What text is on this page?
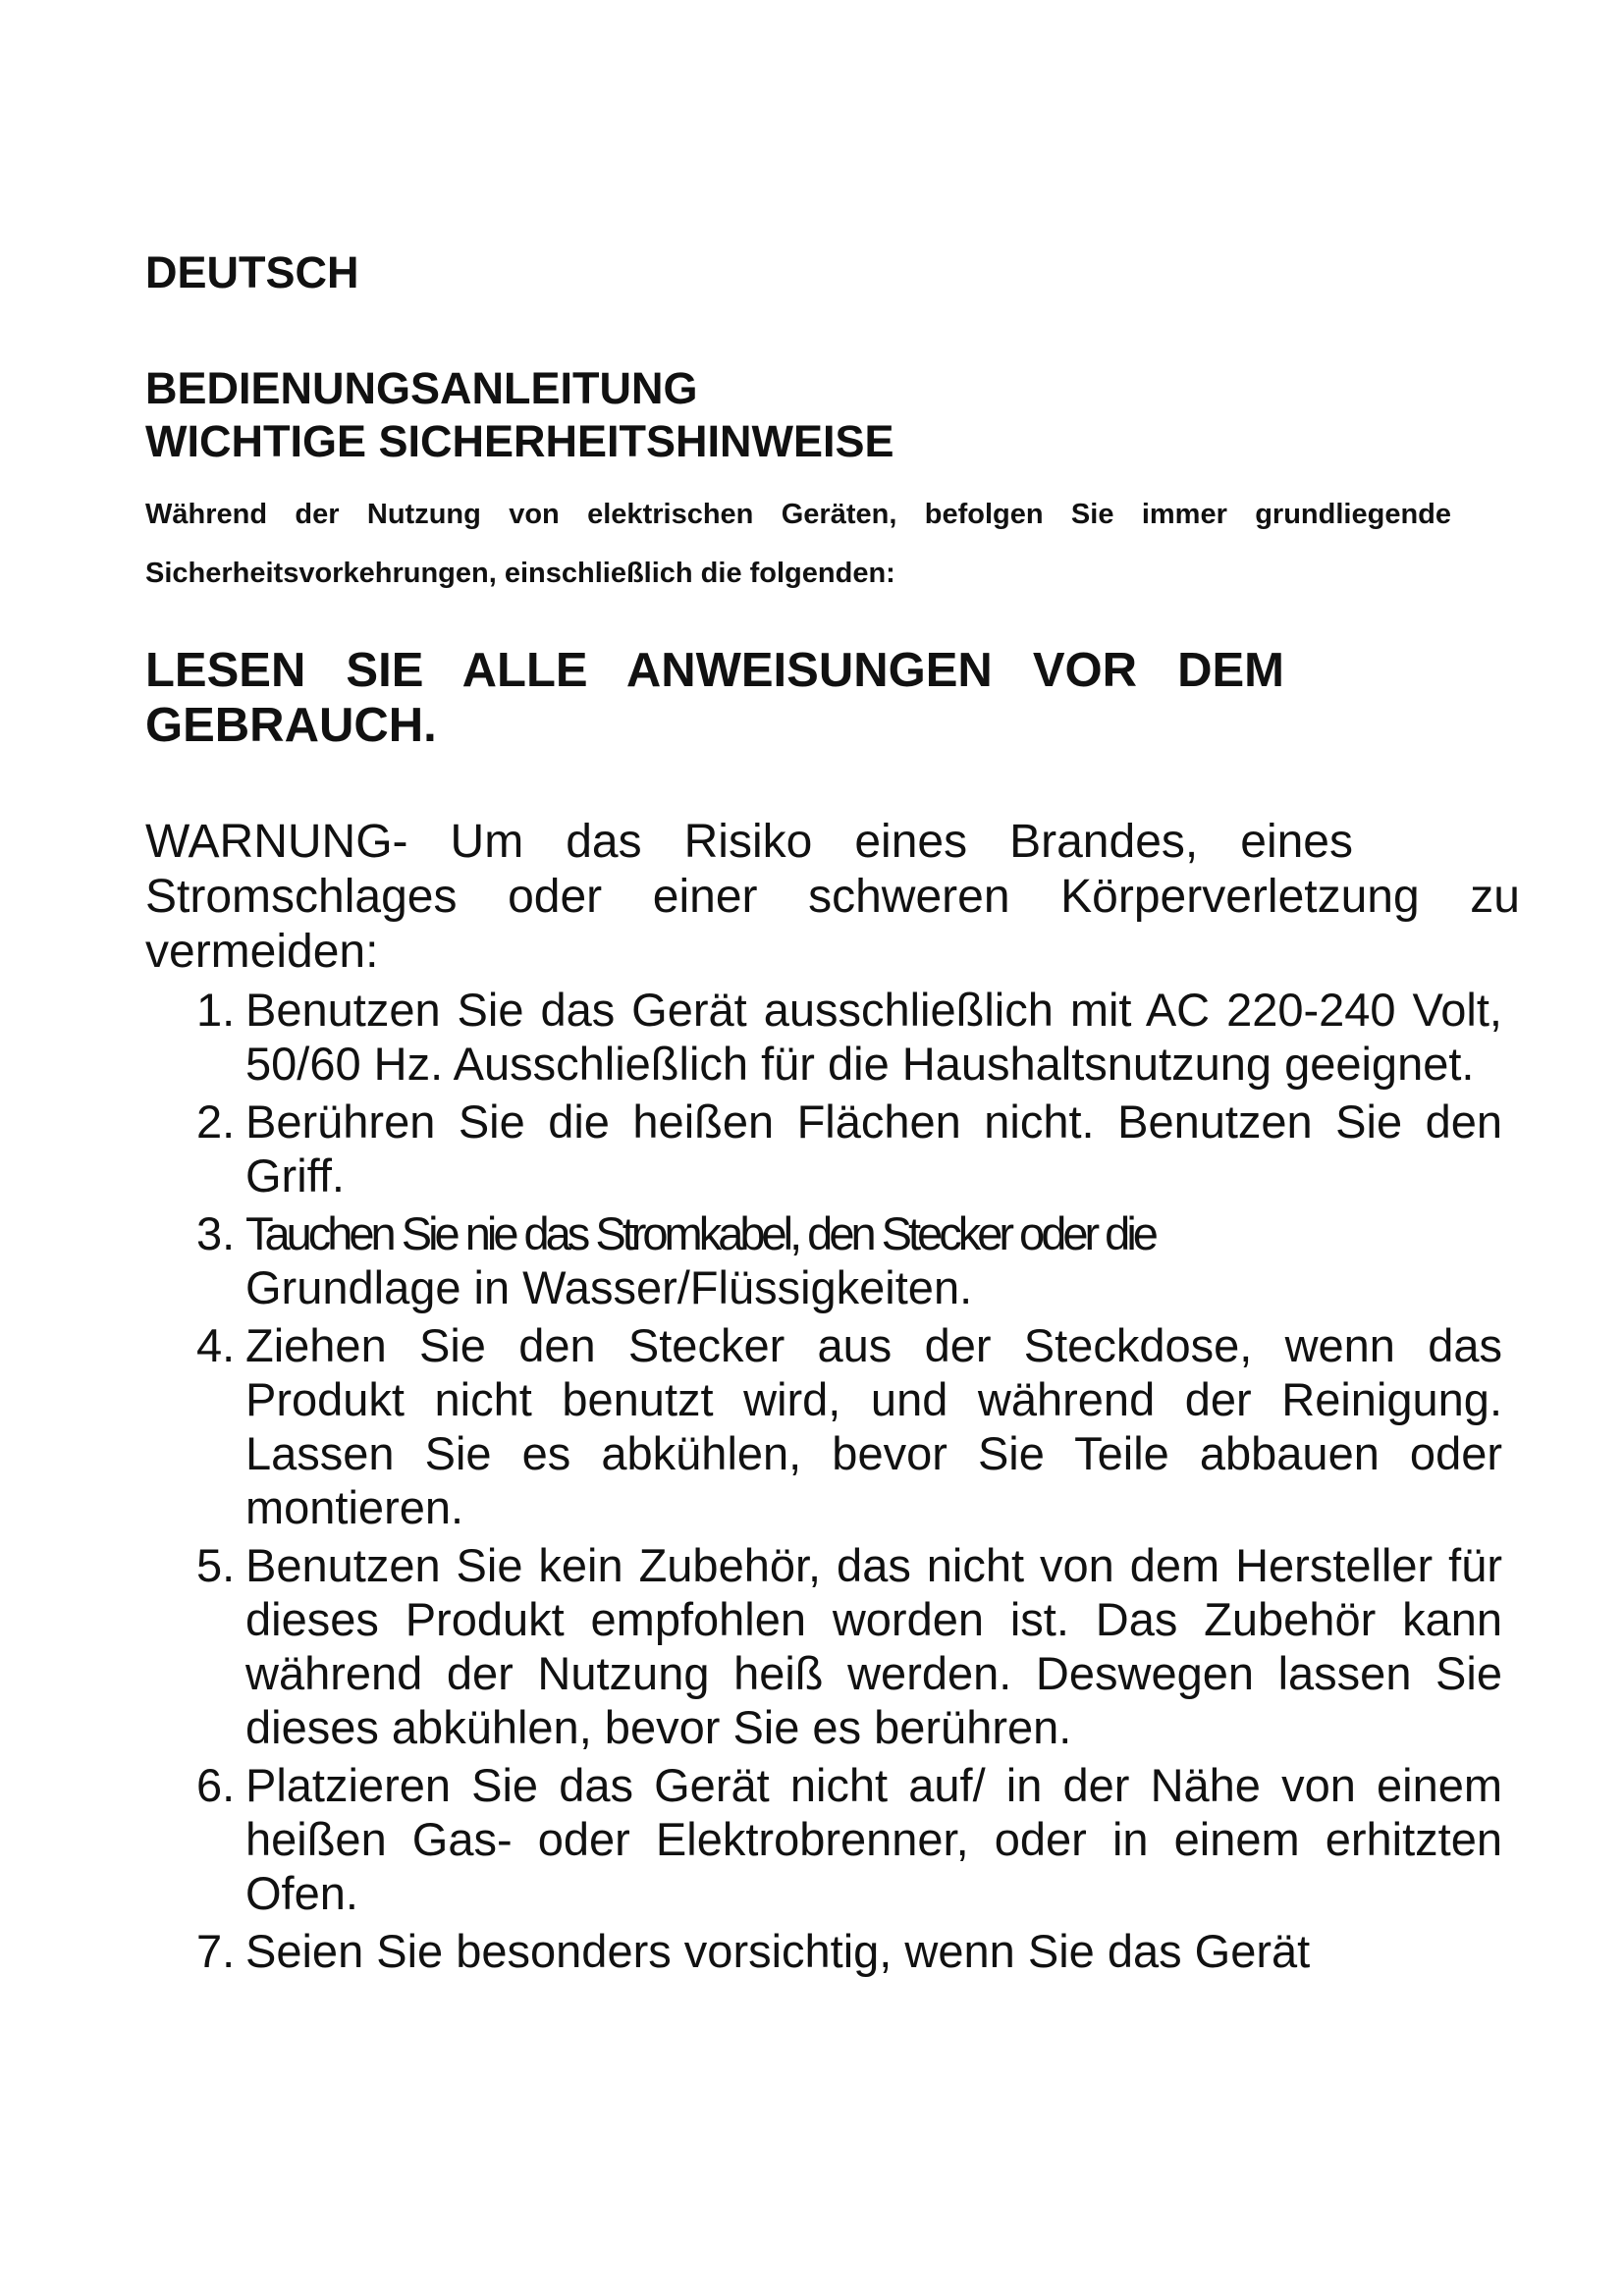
DEUTSCH
BEDIENUNGSANLEITUNG
WICHTIGE SICHERHEITSHINWEISE

Während der Nutzung von elektrischen Geräten, befolgen Sie immer grundliegende

Sicherheitsvorkehrungen, einschließlich die folgenden:

LESEN SIE ALLE ANWEISUNGEN VOR DEM
GEBRAUCH.
WARNUNG- Um das Risiko eines Brandes, eines
Stromschlages oder einer schweren Körperverletzung zu
vermeiden:
1. Benutzen Sie das Gerät ausschließlich mit AC 220-240 Volt, 50/60 Hz. Ausschließlich für die Haushaltsnutzung geeignet.
2. Berühren Sie die heißen Flächen nicht. Benutzen Sie den Griff.
3. Tauchen Sie nie das Stromkabel, den Stecker oder die
Grundlage in Wasser/Flüssigkeiten.
4. Ziehen Sie den Stecker aus der Steckdose, wenn das Produkt nicht benutzt wird, und während der Reinigung. Lassen Sie es abkühlen, bevor Sie Teile abbauen oder montieren.
5. Benutzen Sie kein Zubehör, das nicht von dem Hersteller für dieses Produkt empfohlen worden ist. Das Zubehör kann während der Nutzung heiß werden. Deswegen lassen Sie dieses abkühlen, bevor Sie es berühren.
6. Platzieren Sie das Gerät nicht auf/ in der Nähe von einem heißen Gas- oder Elektrobrenner, oder in einem erhitzten Ofen.
7. Seien Sie besonders vorsichtig, wenn Sie das Gerät
